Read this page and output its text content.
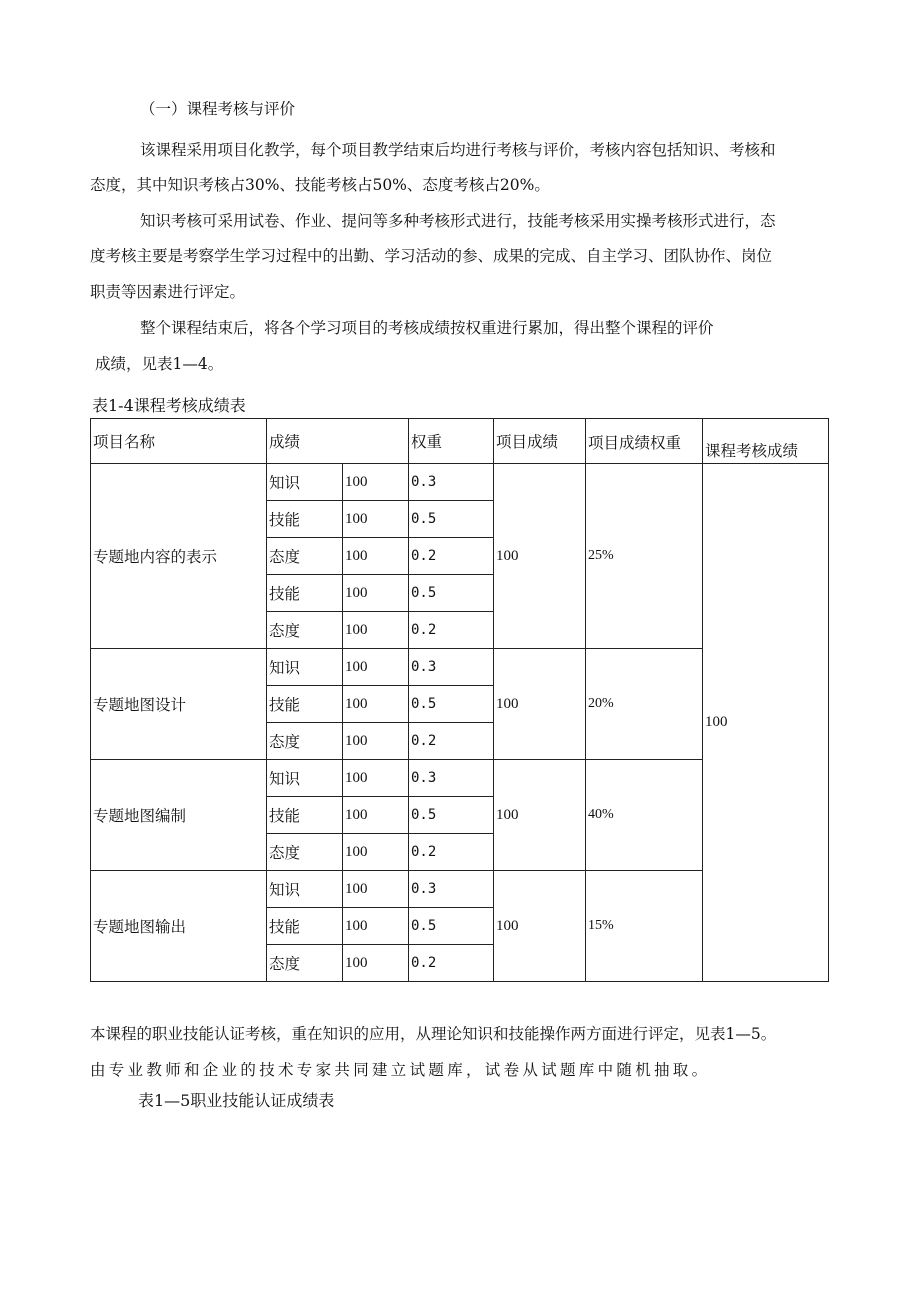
（一）课程考核与评价
该课程采用项目化教学，每个项目教学结束后均进行考核与评价，考核内容包括知识、考核和
态度，其中知识考核占30%、技能考核占50%、态度考核占20%。
知识考核可采用试卷、作业、提问等多种考核形式进行，技能考核采用实操考核形式进行，态
度考核主要是考察学生学习过程中的出勤、学习活动的参、成果的完成、自主学习、团队协作、岗位
职责等因素进行评定。
整个课程结束后，将各个学习项目的考核成绩按权重进行累加，得出整个课程的评价
成绩，见表1—4。
表1-4课程考核成绩表
项目名称	成绩		权重	项目成绩	项目成绩权重	课程考核成绩
专题地内容的表示	知识	100	0.3	100	25%	100
	技能	100	0.5			
	态度	100	0.2			
	技能	100	0.5			
	态度	100	0.2			
专题地图设计	知识	100	0.3	100	20%	
	技能	100	0.5			
	态度	100	0.2			
专题地图编制	知识	100	0.3	100	40%	
	技能	100	0.5			
	态度	100	0.2			
专题地图输出	知识	100	0.3	100	15%	
	技能	100	0.5			
	态度	100	0.2			
本课程的职业技能认证考核，重在知识的应用，从理论知识和技能操作两方面进行评定，见表1—5。
由专业教师和企业的技术专家共同建立试题库，试卷从试题库中随机抽取。
表1—5职业技能认证成绩表
